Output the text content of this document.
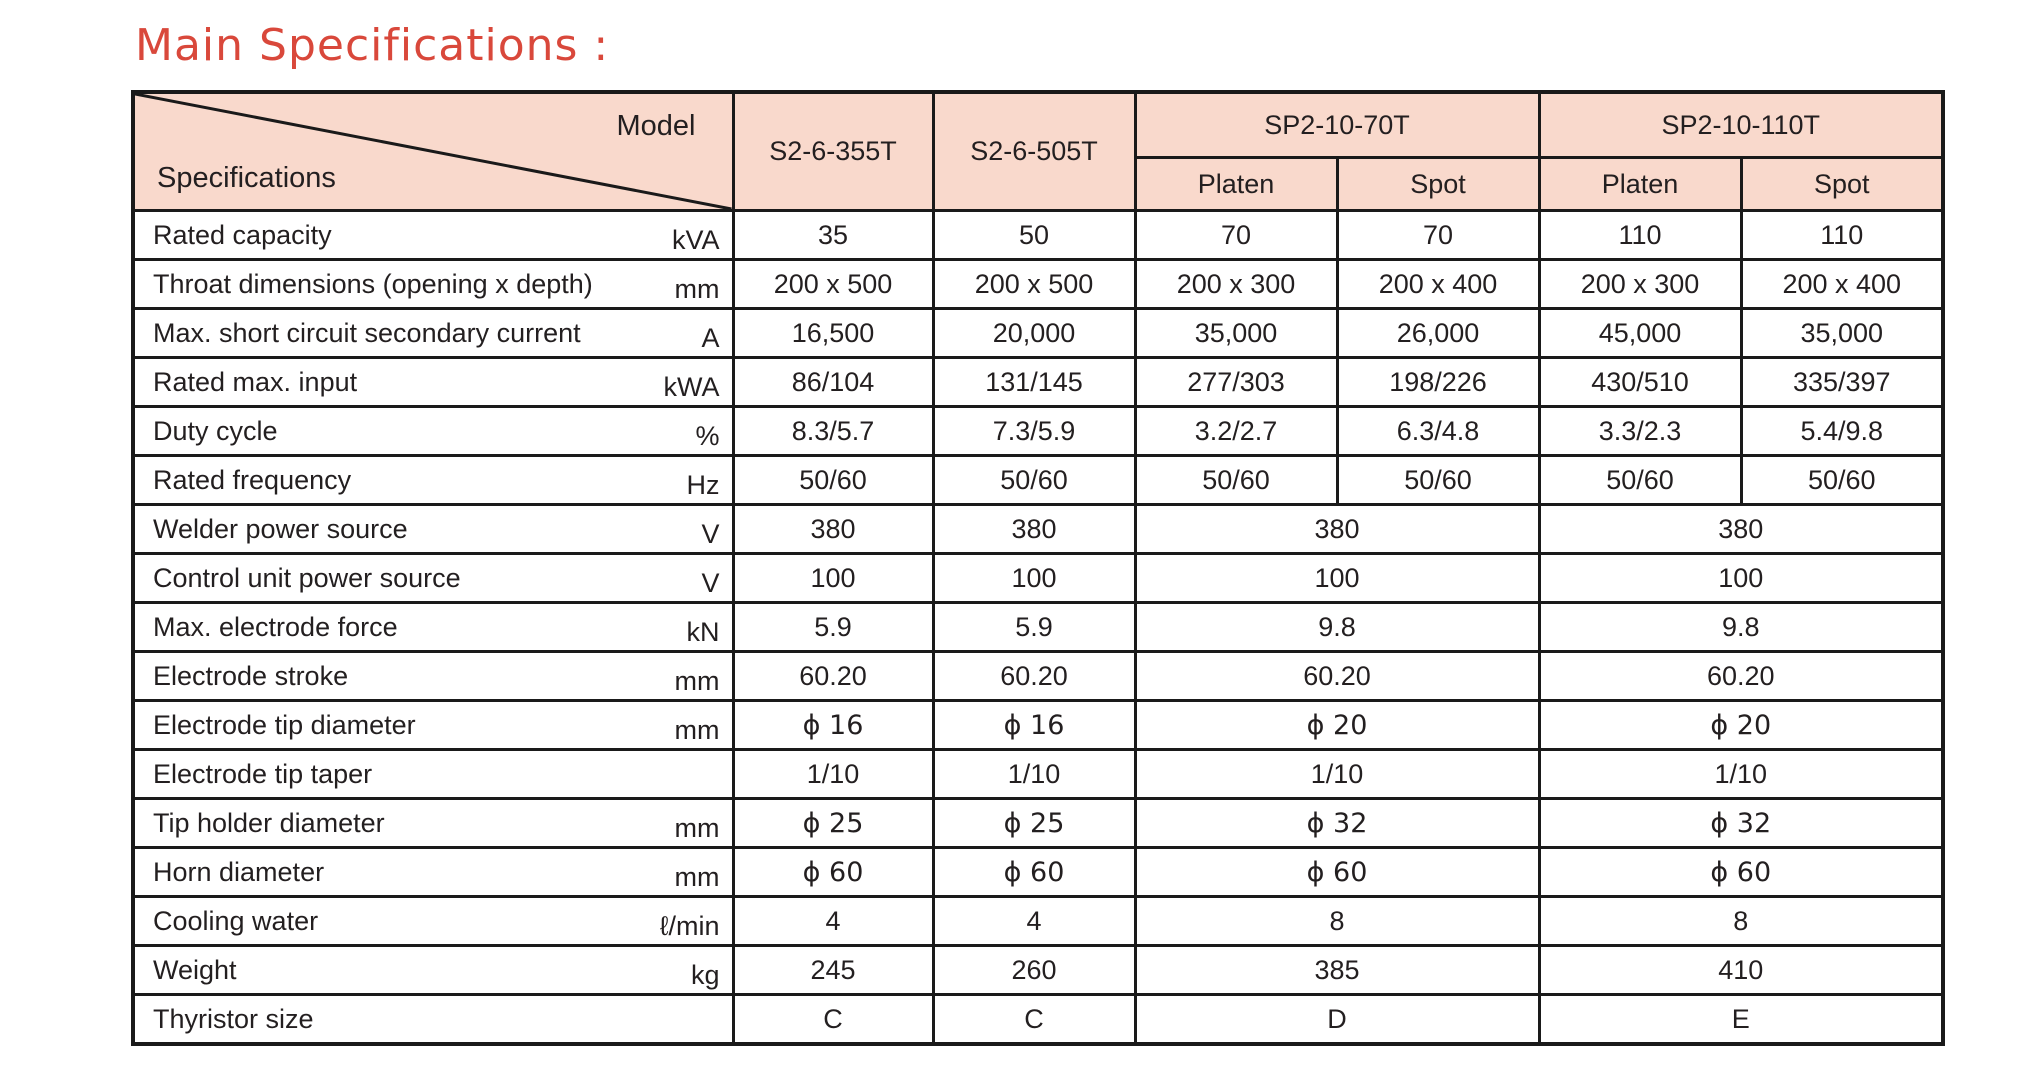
Main Specifications :
Model
Specifications	S2-6-355T	S2-6-505T	SP2-10-70T		SP2-10-110T	
			Platen	Spot	Platen	Spot
Rated capacity kVA	35	50	70	70	110	110
Throat dimensions (opening x depth) mm	200 x 500	200 x 500	200 x 300	200 x 400	200 x 300	200 x 400
Max. short circuit secondary current A	16,500	20,000	35,000	26,000	45,000	35,000
Rated max. input kWA	86/104	131/145	277/303	198/226	430/510	335/397
Duty cycle %	8.3/5.7	7.3/5.9	3.2/2.7	6.3/4.8	3.3/2.3	5.4/9.8
Rated frequency Hz	50/60	50/60	50/60	50/60	50/60	50/60
Welder power source V	380	380	380		380	
Control unit power source V	100	100	100		100	
Max. electrode force kN	5.9	5.9	9.8		9.8	
Electrode stroke mm	60.20	60.20	60.20		60.20	
Electrode tip diameter mm	ϕ 16	ϕ 16	ϕ 20		ϕ 20	
Electrode tip taper	1/10	1/10	1/10		1/10	
Tip holder diameter mm	ϕ 25	ϕ 25	ϕ 32		ϕ 32	
Horn diameter mm	ϕ 60	ϕ 60	ϕ 60		ϕ 60	
Cooling water ℓ/min	4	4	8		8	
Weight kg	245	260	385		410	
Thyristor size	C	C	D		E	
